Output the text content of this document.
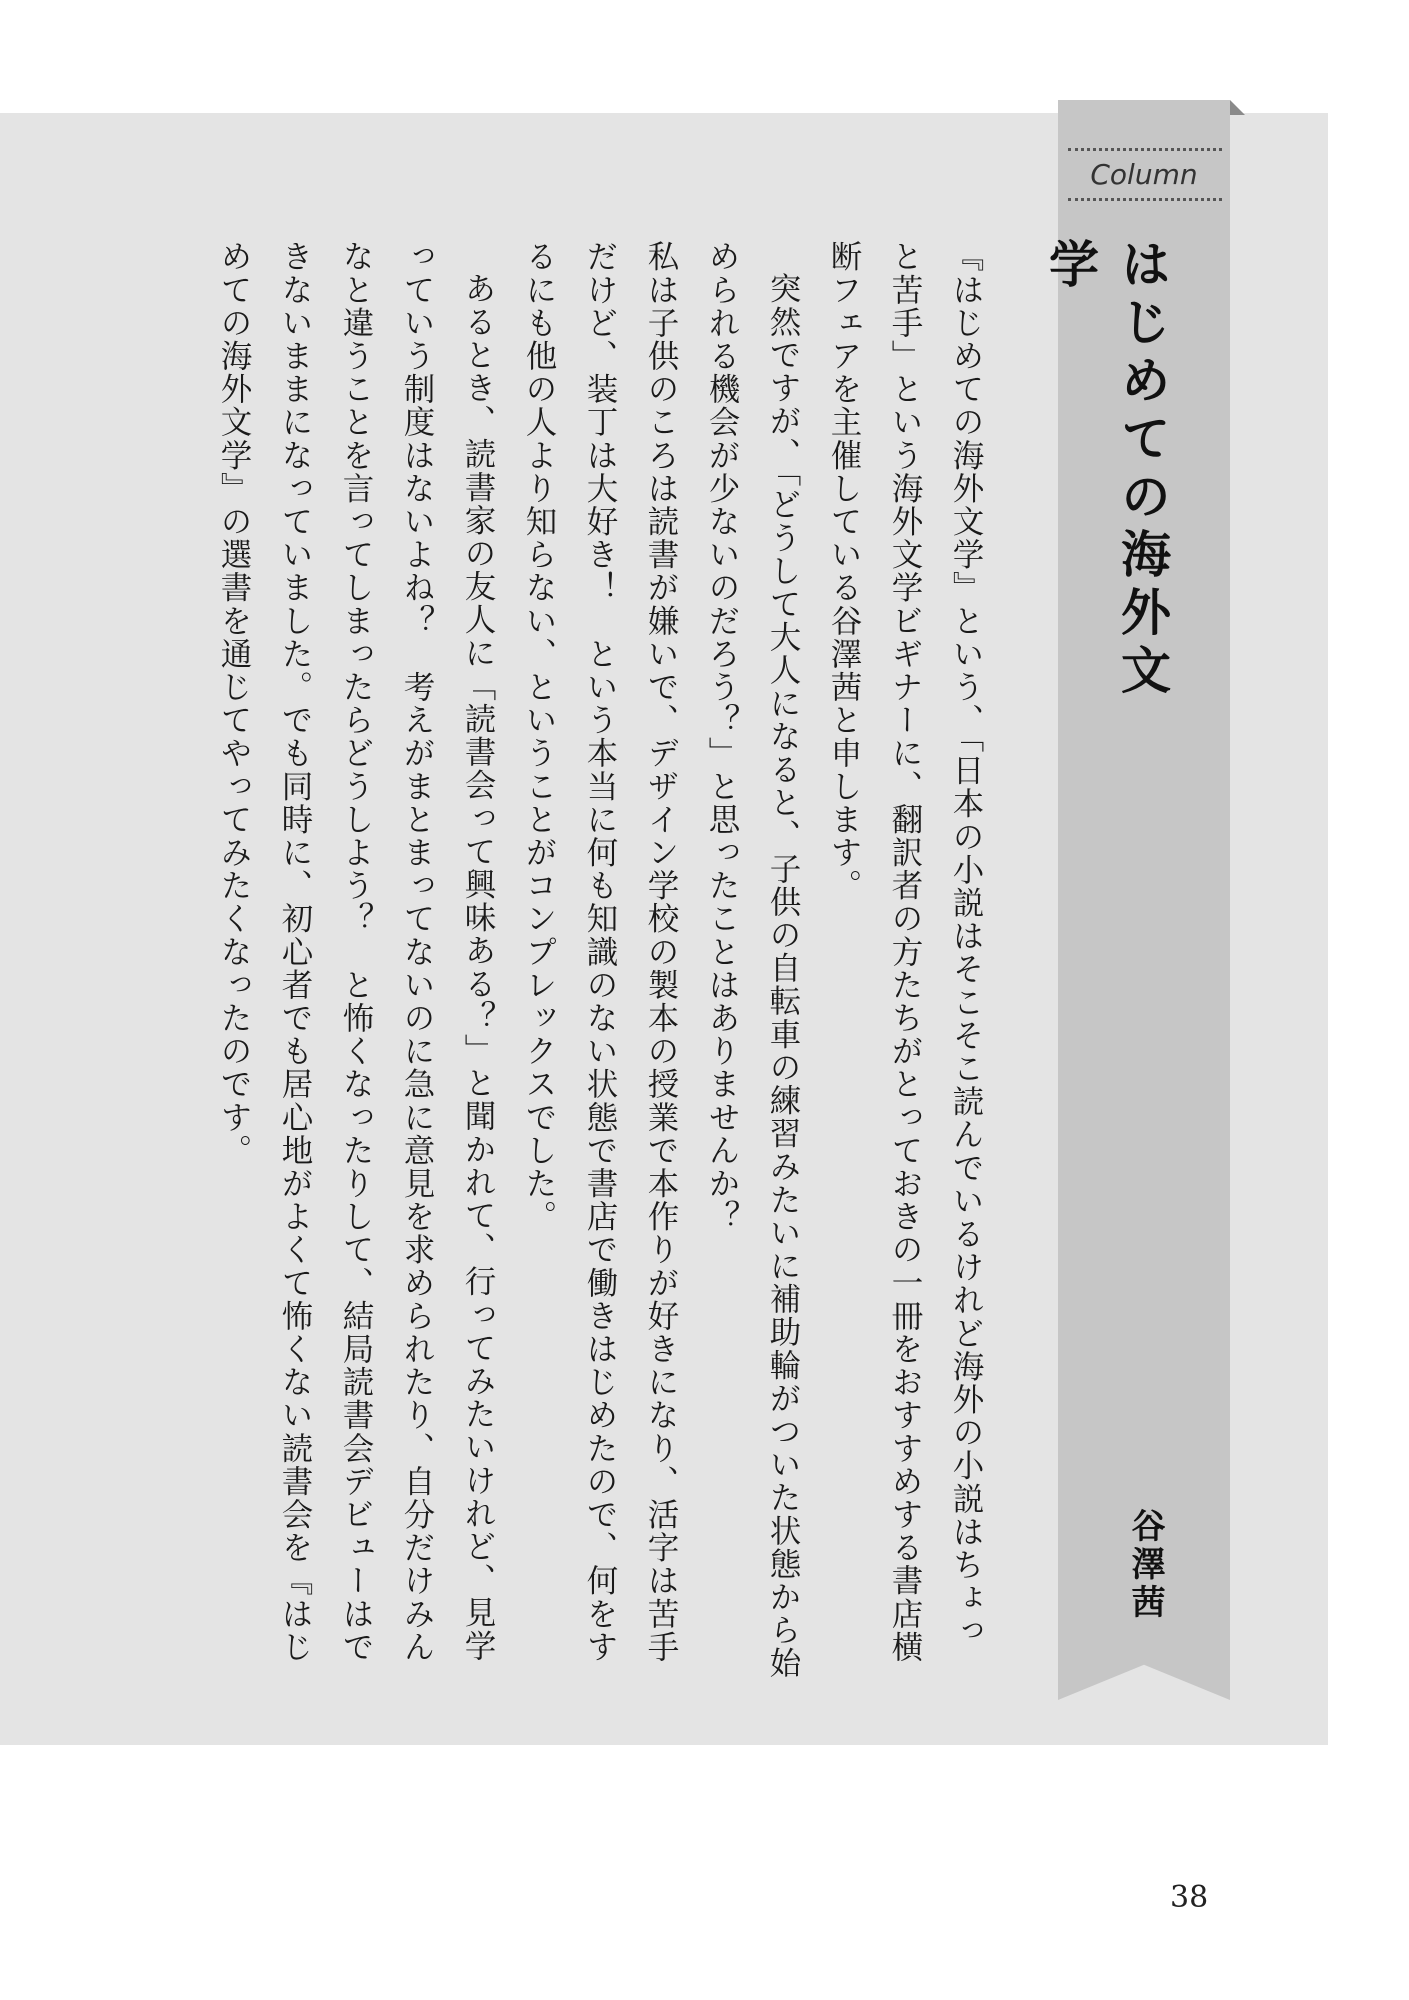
Column
はじめての海外文学
谷澤茜

『はじめての海外文学』という、「日本の小説はそこそこ読んでいるけれど海外の小説はちょっと苦手」という海外文学ビギナーに、翻訳者の方たちがとっておきの一冊をおすすめする書店横断フェアを主催している谷澤茜と申します。

突然ですが、「どうして大人になると、子供の自転車の練習みたいに補助輪がついた状態から始められる機会が少ないのだろう？」と思ったことはありませんか？

私は子供のころは読書が嫌いで、デザイン学校の製本の授業で本作りが好きになり、活字は苦手だけど、装丁は大好き！　という本当に何も知識のない状態で書店で働きはじめたので、何をするにも他の人より知らない、ということがコンプレックスでした。

あるとき、読書家の友人に「読書会って興味ある？」と聞かれて、行ってみたいけれど、見学っていう制度はないよね？　考えがまとまってないのに急に意見を求められたり、自分だけみんなと違うことを言ってしまったらどうしよう？　と怖くなったりして、結局読書会デビューはできないままになっていました。でも同時に、初心者でも居心地がよくて怖くない読書会を『はじめての海外文学』の選書を通じてやってみたくなったのです。

38
